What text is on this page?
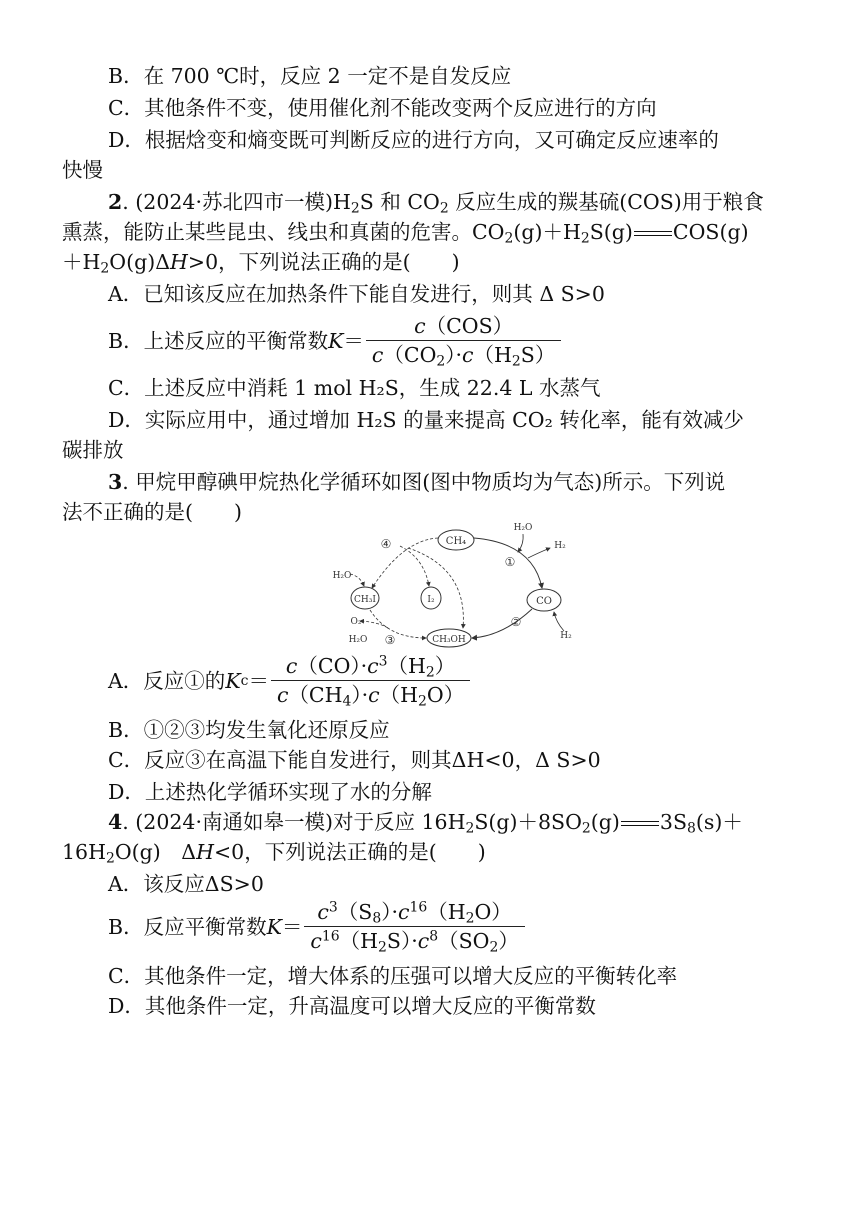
B．在 700 ℃时，反应 2 一定不是自发反应
C．其他条件不变，使用催化剂不能改变两个反应进行的方向
D．根据焓变和熵变既可判断反应的进行方向，又可确定反应速率的
快慢
2. (2024·苏北四市一模)$H_2S$ 和 $CO_2$ 反应生成的羰基硫(COS)用于粮食
熏蒸，能防止某些昆虫、线虫和真菌的危害。$CO_2(g)+H_2S(g)$ COS(g)
$+H_2O(g)\Delta H>0$，下列说法正确的是(　　)
A．已知该反应在加热条件下能自发进行，则其 Δ S>0
B．上述反应的平衡常数 $K = \frac{\text{c（COS）}}{c(CO_2)\cdot c(H_2S)}$
C．上述反应中消耗 1 mol H₂S，生成 22.4 L 水蒸气
D．实际应用中，通过增加 H₂S 的量来提高 CO₂ 转化率，能有效减少
碳排放
3. 甲烷甲醇碘甲烷热化学循环如图(图中物质均为气态)所示。下列说
法不正确的是(　　)
CH₄
CO
CH₃I	I₂
CH₃OH
H₂O
H₂
H₂
H₂O
O₂
H₂O
①
②
③
④
A．反应①的 K $c = \frac{c(CO)\cdot c^3(H_2)}{c(CH_4)\cdot c(H_2O)}$
B．①②③均发生氧化还原反应
C．反应③在高温下能自发进行，则其ΔH<0，Δ S>0
D．上述热化学循环实现了水的分解
4. (2024·南通如皋一模)对于反应 $16H_2S(g)+8SO_2(g)$ $3S_8(s)+$
$16H_2O(g)$　ΔH<0，下列说法正确的是(　　)
A．该反应ΔS>0
B．反应平衡常数 $K = \frac{c^3(S_8)\cdot c^{16}(H_2O)}{c^{16}(H_2S)\cdot c^8(SO_2)}$
C．其他条件一定，增大体系的压强可以增大反应的平衡转化率
D．其他条件一定，升高温度可以增大反应的平衡常数
